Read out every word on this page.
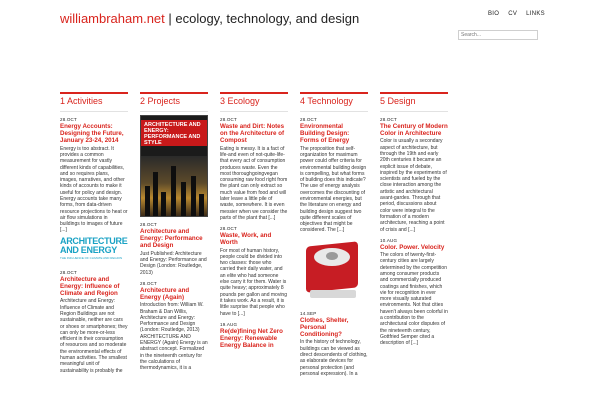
williambraham.net | ecology, technology, and design	BIO CV LINKS
Search...
1 Activities
28.OCT
Energy Accounts: Designing the Future, January 23-24, 2014
Energy is too abstract. It provides a common measurement for vastly different kinds of capabilities, and so requires plans, images, narratives, and other kinds of accounts to make it useful for policy and design. Energy accounts take many forms, from data-driven resource projections to heat or air flow simulations in buildings to images of future [...]
ARCHITECTURE
AND ENERGY
THE INFLUENCE OF CLIMATE AND REGION
28.OCT
Architecture and Energy: Influence of Climate and Region
Architecture and Energy: Influence of Climate and Region Buildings are not sustainable, neither are cars or shoes or smartphones; they can only be more-or-less efficient in their consumption of resources and so moderate the environmental effects of human activities. The smallest meaningful unit of sustainability is probably the
2 Projects
ARCHITECTURE AND ENERGY: PERFORMANCE AND STYLE
28.OCT
Architecture and Energy: Performance and Design
Just Published: Architecture and Energy: Performance and Design (London: Routledge, 2013)
28.OCT
Architecture and Energy (Again)
Introduction from: William W. Braham & Dan Willis, Architecture and Energy: Performance and Design (London: Routledge, 2013) ARCHITECTURE AND ENERGY (Again) Energy is an abstract concept. Formalized in the nineteenth century for the calculations of thermodynamics, it is a
3 Ecology
28.OCT
Waste and Dirt: Notes on the Architecture of Compost
Eating is messy. It is a fact of life-and even of not-quite-life- that every act of consumption produces waste. Even the most thoroughgoingvegan consuming raw food right from the plant can only extract so much value from food and will later leave a little pile of waste, somewhere. It is even messier when we consider the parts of the plant that [...]
28.OCT
Waste, Work, and Worth
For most of human history, people could be divided into two classes: those who carried their daily water, and an elite who had someone else carry it for them. Water is quite heavy; approximately 8 pounds per gallon and moving it takes work. As a result, it is little surprise that people who have to [...]
19.AUG
Re(de)fining Net Zero Energy: Renewable Energy Balance in
4 Technology
28.OCT
Environmental Building Design: Forms of Energy
The proposition that self-organization for maximum power could offer criteria for environmental building design is compelling, but what forms of building does this indicate? The use of energy analysis overcomes the discounting of environmental energies, but the literature on energy and building design suggest two quite different scales of objectives that might be considered. The [...]
14.SEP
Clothes, Shelter, Personal Conditioning?
In the history of technology, buildings can be viewed as direct descendents of clothing, as elaborate devices for personal protection (and personal expression). In a
5 Design
28.OCT
The Century of Modern Color in Architecture
Color is usually a secondary aspect of architecture, but through the 19th and early 20th centuries it became an explicit issue of debate, inspired by the experiments of scientists and fueled by the close interaction among the artistic and architectural avant-gardes. Through that period, discussions about color were integral to the formation of a modern architecture, reaching a point of crisis and [...]
10.AUG
Color. Power. Velocity
The colors of twenty-first-century cities are largely determined by the competition among consumer products and commercially produced coatings and finishes, which vie for recognition in ever more visually saturated environments. Not that cities haven't always been colorful in a contribution to the architectural color disputes of the nineteenth century, Gottfried Semper cited a description of [...]
